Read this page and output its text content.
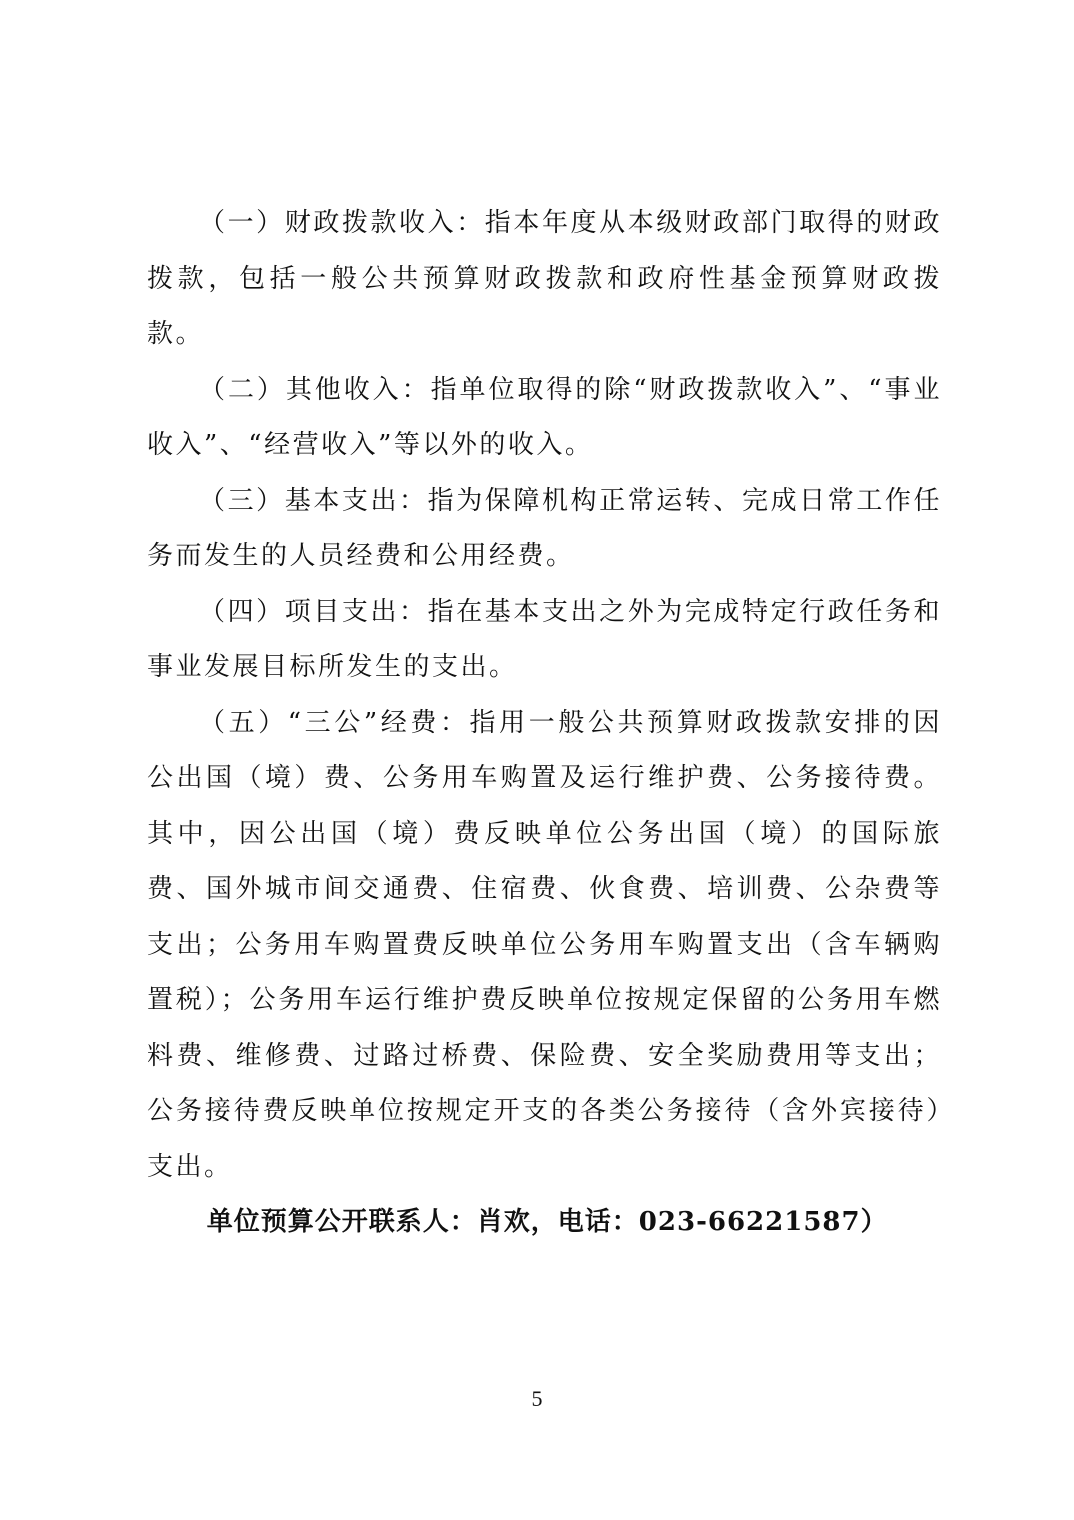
（一）财政拨款收入：指本年度从本级财政部门取得的财政拨款，包括一般公共预算财政拨款和政府性基金预算财政拨款。

（二）其他收入：指单位取得的除“财政拨款收入”、“事业收入”、“经营收入”等以外的收入。

（三）基本支出：指为保障机构正常运转、完成日常工作任务而发生的人员经费和公用经费。

（四）项目支出：指在基本支出之外为完成特定行政任务和事业发展目标所发生的支出。

（五）“三公”经费：指用一般公共预算财政拨款安排的因公出国（境）费、公务用车购置及运行维护费、公务接待费。其中，因公出国（境）费反映单位公务出国（境）的国际旅费、国外城市间交通费、住宿费、伙食费、培训费、公杂费等支出；公务用车购置费反映单位公务用车购置支出（含车辆购置税）；公务用车运行维护费反映单位按规定保留的公务用车燃料费、维修费、过路过桥费、保险费、安全奖励费用等支出；公务接待费反映单位按规定开支的各类公务接待（含外宾接待）支出。

单位预算公开联系人：肖欢，电话：023-66221587）

5
